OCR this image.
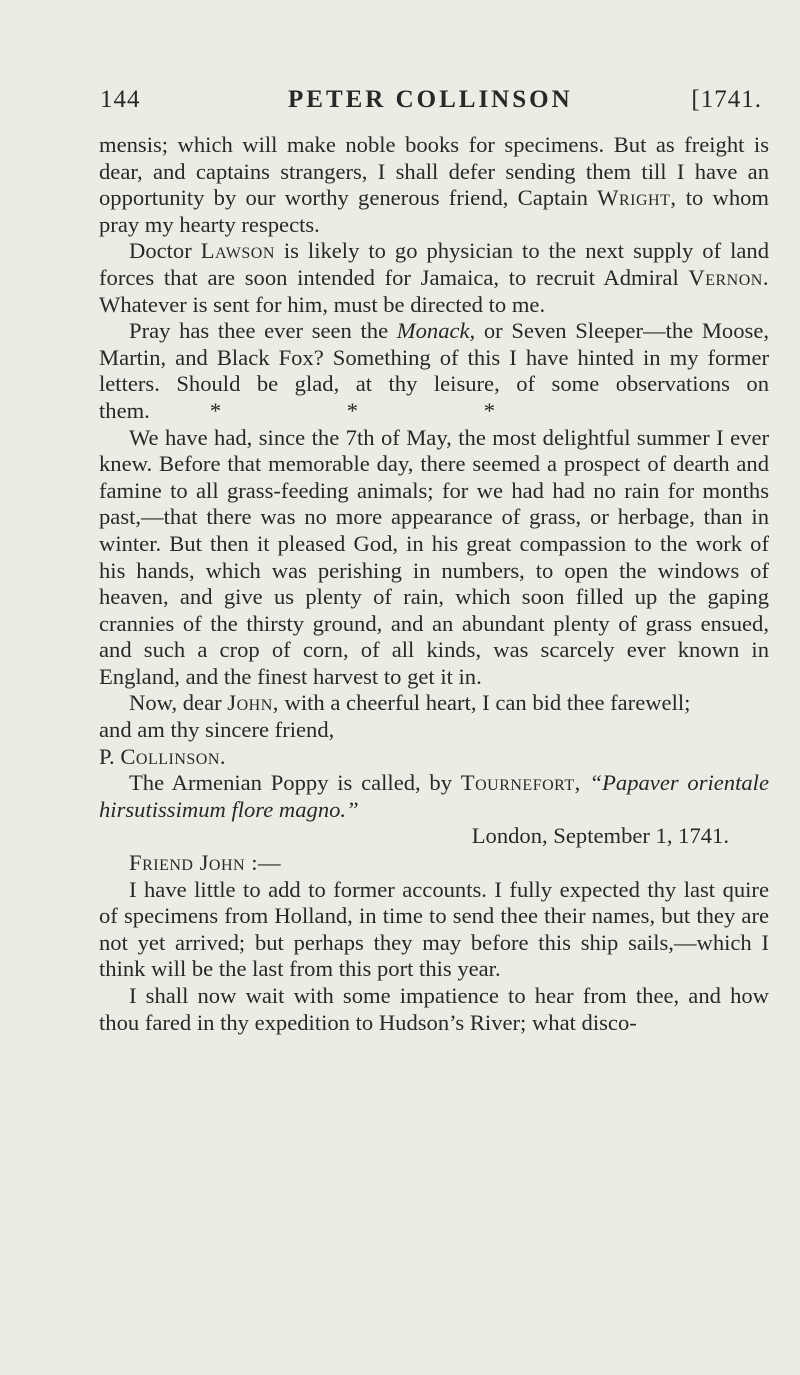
144	PETER COLLINSON	[1741.

mensis; which will make noble books for specimens. But as freight is dear, and captains strangers, I shall defer sending them till I have an opportunity by our worthy generous friend, Captain Wright, to whom pray my hearty respects.

Doctor Lawson is likely to go physician to the next supply of land forces that are soon intended for Jamaica, to recruit Admiral Vernon. Whatever is sent for him, must be directed to me.

Pray has thee ever seen the Monack, or Seven Sleeper—the Moose, Martin, and Black Fox? Something of this I have hinted in my former letters. Should be glad, at thy leisure, of some observations on them.	* * *

We have had, since the 7th of May, the most delightful summer I ever knew. Before that memorable day, there seemed a prospect of dearth and famine to all grass-feeding animals; for we had had no rain for months past,—that there was no more appearance of grass, or herbage, than in winter. But then it pleased God, in his great compassion to the work of his hands, which was perishing in numbers, to open the windows of heaven, and give us plenty of rain, which soon filled up the gaping crannies of the thirsty ground, and an abundant plenty of grass ensued, and such a crop of corn, of all kinds, was scarcely ever known in England, and the finest harvest to get it in.

Now, dear John, with a cheerful heart, I can bid thee farewell;

and am thy sincere friend,

P. Collinson.

The Armenian Poppy is called, by Tournefort, “Papaver orientale hirsutissimum flore magno.”

London, September 1, 1741.

Friend John :—

I have little to add to former accounts. I fully expected thy last quire of specimens from Holland, in time to send thee their names, but they are not yet arrived; but perhaps they may before this ship sails,—which I think will be the last from this port this year.

I shall now wait with some impatience to hear from thee, and how thou fared in thy expedition to Hudson’s River; what disco-
